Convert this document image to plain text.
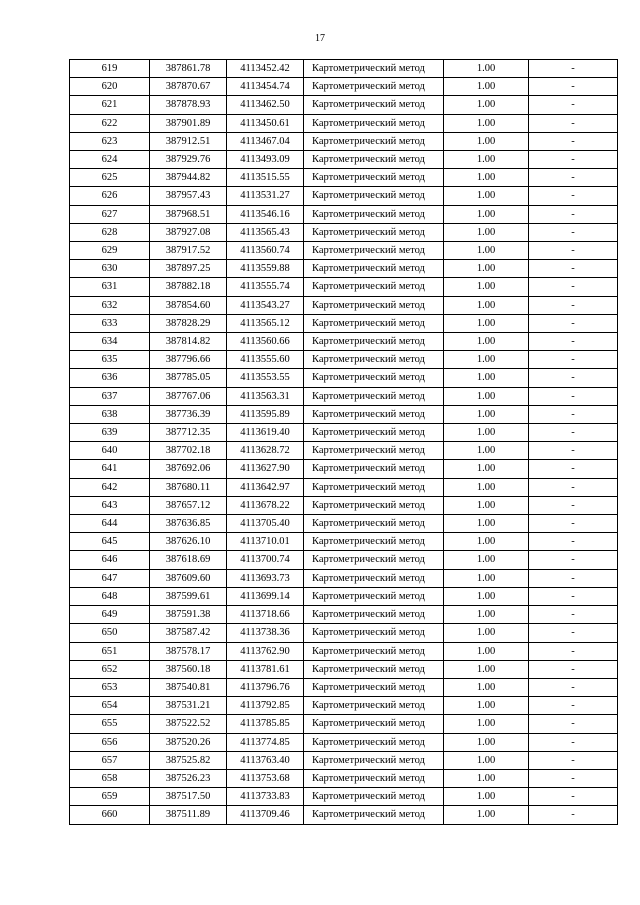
17
619	387861.78	4113452.42	Картометрический метод	1.00	-
620	387870.67	4113454.74	Картометрический метод	1.00	-
621	387878.93	4113462.50	Картометрический метод	1.00	-
622	387901.89	4113450.61	Картометрический метод	1.00	-
623	387912.51	4113467.04	Картометрический метод	1.00	-
624	387929.76	4113493.09	Картометрический метод	1.00	-
625	387944.82	4113515.55	Картометрический метод	1.00	-
626	387957.43	4113531.27	Картометрический метод	1.00	-
627	387968.51	4113546.16	Картометрический метод	1.00	-
628	387927.08	4113565.43	Картометрический метод	1.00	-
629	387917.52	4113560.74	Картометрический метод	1.00	-
630	387897.25	4113559.88	Картометрический метод	1.00	-
631	387882.18	4113555.74	Картометрический метод	1.00	-
632	387854.60	4113543.27	Картометрический метод	1.00	-
633	387828.29	4113565.12	Картометрический метод	1.00	-
634	387814.82	4113560.66	Картометрический метод	1.00	-
635	387796.66	4113555.60	Картометрический метод	1.00	-
636	387785.05	4113553.55	Картометрический метод	1.00	-
637	387767.06	4113563.31	Картометрический метод	1.00	-
638	387736.39	4113595.89	Картометрический метод	1.00	-
639	387712.35	4113619.40	Картометрический метод	1.00	-
640	387702.18	4113628.72	Картометрический метод	1.00	-
641	387692.06	4113627.90	Картометрический метод	1.00	-
642	387680.11	4113642.97	Картометрический метод	1.00	-
643	387657.12	4113678.22	Картометрический метод	1.00	-
644	387636.85	4113705.40	Картометрический метод	1.00	-
645	387626.10	4113710.01	Картометрический метод	1.00	-
646	387618.69	4113700.74	Картометрический метод	1.00	-
647	387609.60	4113693.73	Картометрический метод	1.00	-
648	387599.61	4113699.14	Картометрический метод	1.00	-
649	387591.38	4113718.66	Картометрический метод	1.00	-
650	387587.42	4113738.36	Картометрический метод	1.00	-
651	387578.17	4113762.90	Картометрический метод	1.00	-
652	387560.18	4113781.61	Картометрический метод	1.00	-
653	387540.81	4113796.76	Картометрический метод	1.00	-
654	387531.21	4113792.85	Картометрический метод	1.00	-
655	387522.52	4113785.85	Картометрический метод	1.00	-
656	387520.26	4113774.85	Картометрический метод	1.00	-
657	387525.82	4113763.40	Картометрический метод	1.00	-
658	387526.23	4113753.68	Картометрический метод	1.00	-
659	387517.50	4113733.83	Картометрический метод	1.00	-
660	387511.89	4113709.46	Картометрический метод	1.00	-
